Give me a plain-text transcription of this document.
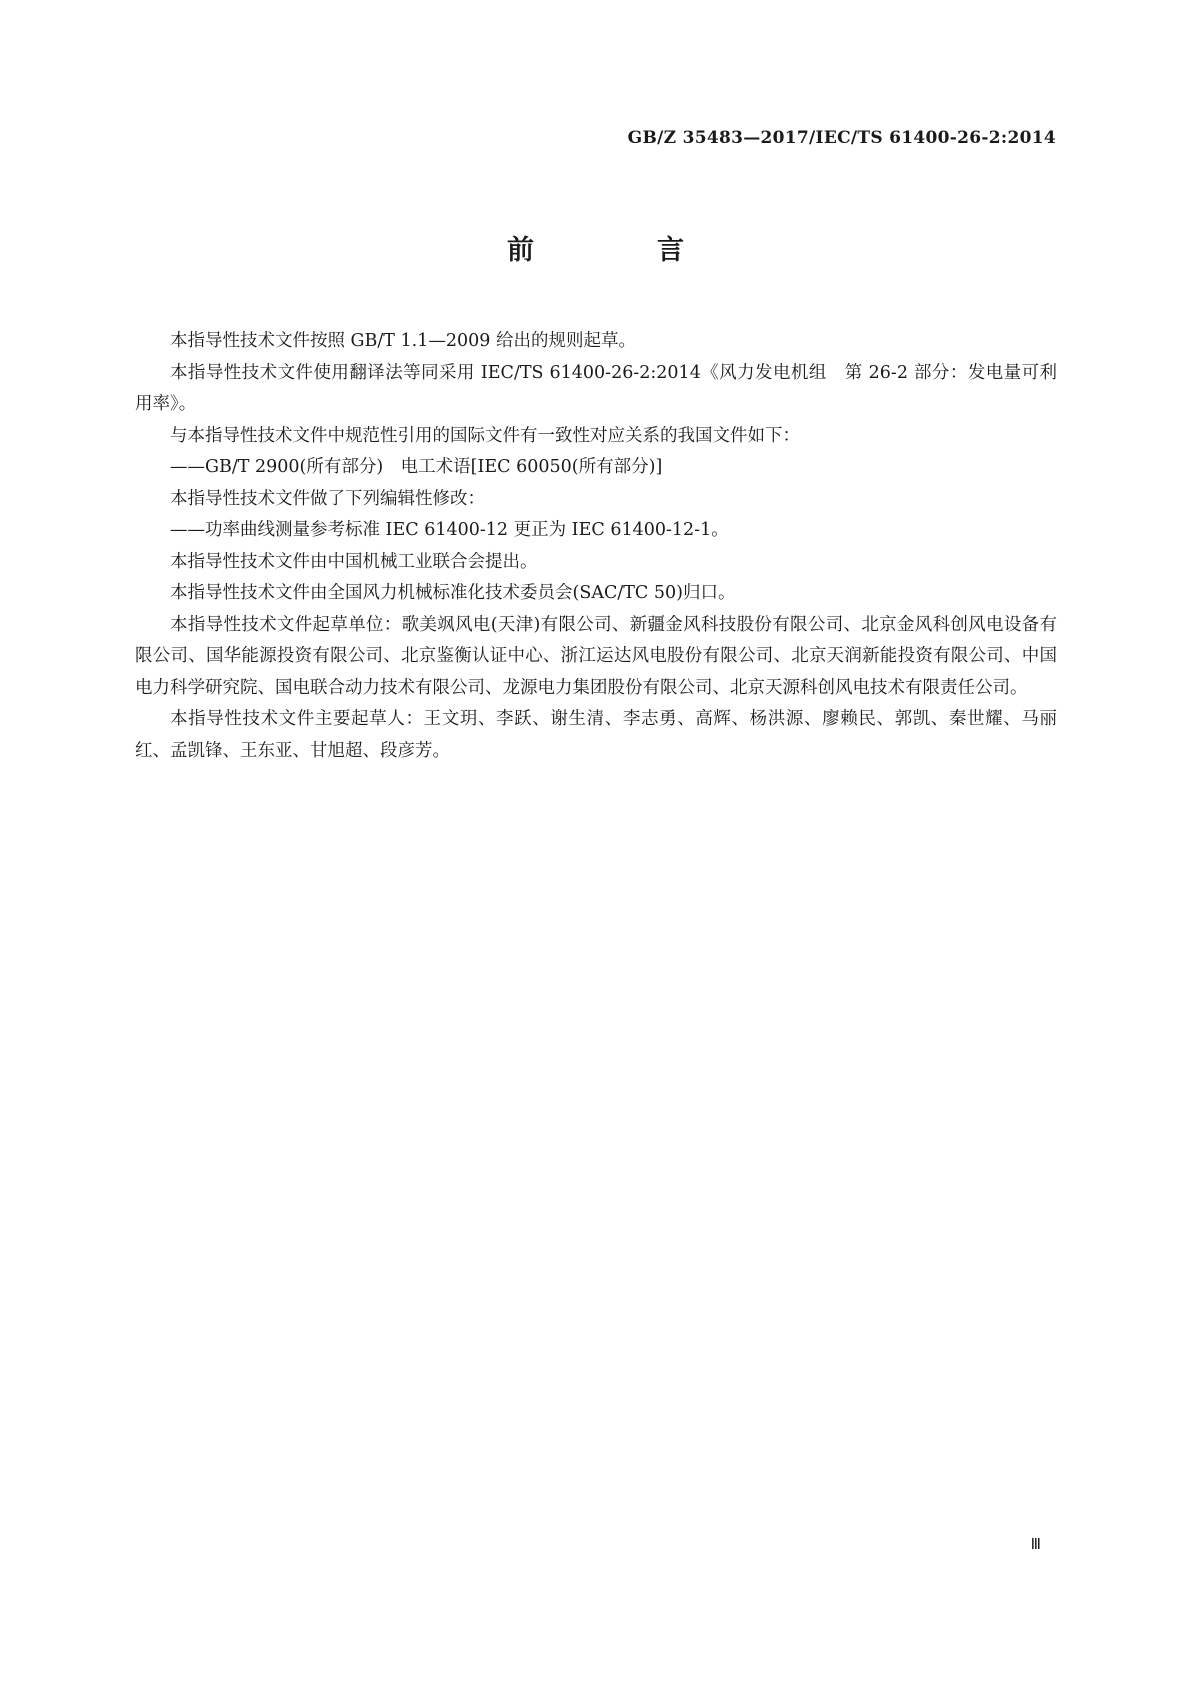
GB/Z 35483—2017/IEC/TS 61400-26-2:2014
前　言

本指导性技术文件按照 GB/T 1.1—2009 给出的规则起草。

本指导性技术文件使用翻译法等同采用 IEC/TS 61400-26-2:2014《风力发电机组　第 26-2 部分：发电量可利用率》。

与本指导性技术文件中规范性引用的国际文件有一致性对应关系的我国文件如下：

——GB/T 2900(所有部分)　电工术语[IEC 60050(所有部分)]

本指导性技术文件做了下列编辑性修改：

——功率曲线测量参考标准 IEC 61400-12 更正为 IEC 61400-12-1。

本指导性技术文件由中国机械工业联合会提出。

本指导性技术文件由全国风力机械标准化技术委员会(SAC/TC 50)归口。

本指导性技术文件起草单位：歌美飒风电(天津)有限公司、新疆金风科技股份有限公司、北京金风科创风电设备有限公司、国华能源投资有限公司、北京鉴衡认证中心、浙江运达风电股份有限公司、北京天润新能投资有限公司、中国电力科学研究院、国电联合动力技术有限公司、龙源电力集团股份有限公司、北京天源科创风电技术有限责任公司。

本指导性技术文件主要起草人：王文玥、李跃、谢生清、李志勇、高辉、杨洪源、廖赖民、郭凯、秦世耀、马丽红、孟凯锋、王东亚、甘旭超、段彦芳。

Ⅲ
